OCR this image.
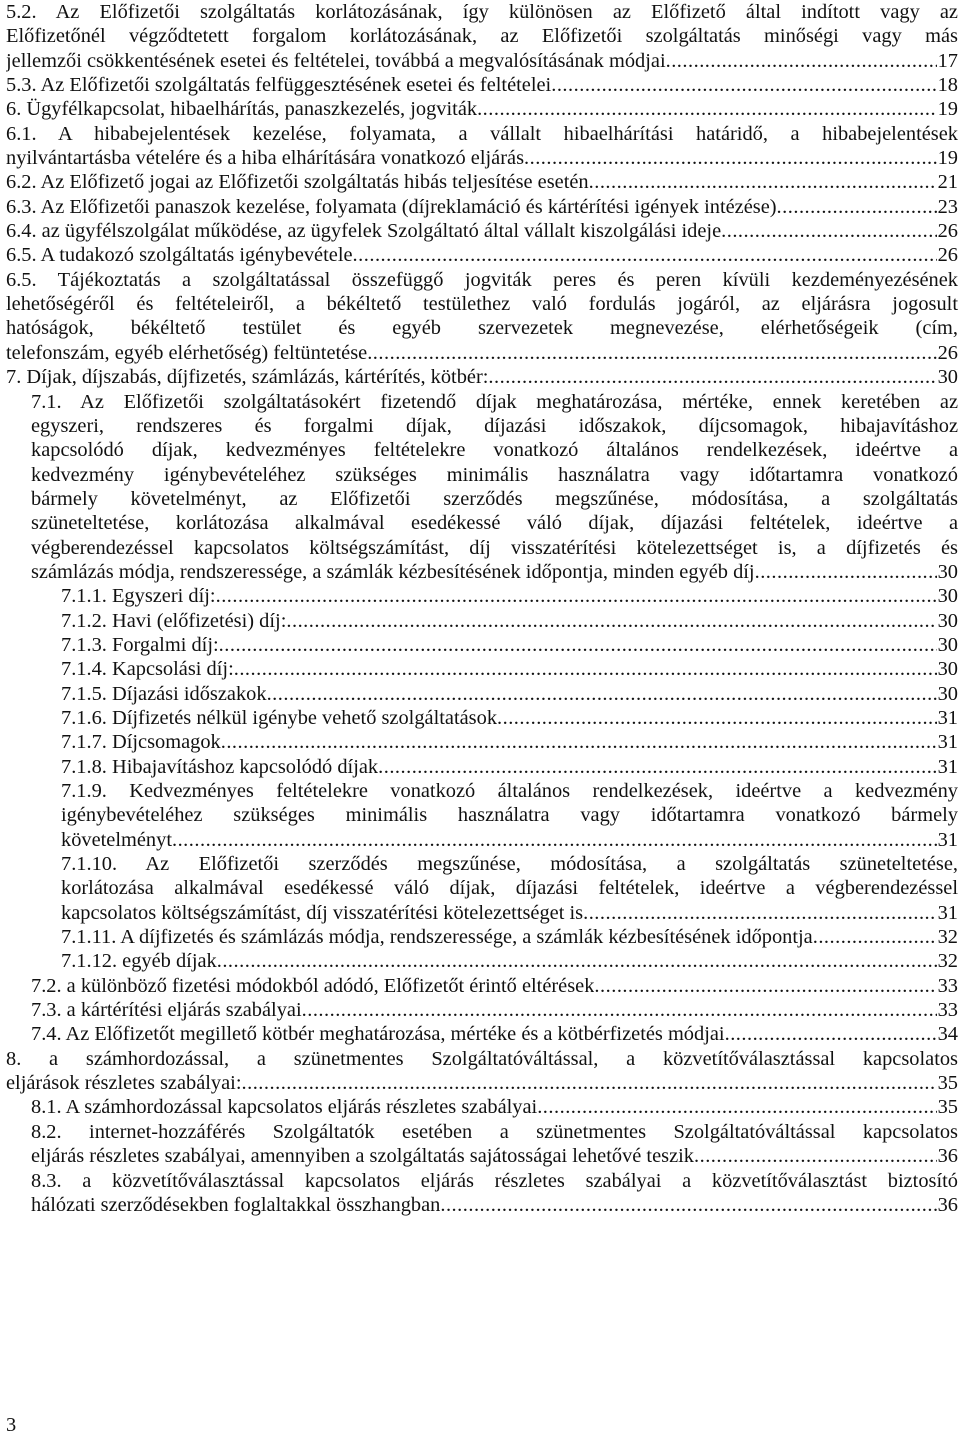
5.2. Az Előfizetői szolgáltatás korlátozásának, így különösen az Előfizető által indított vagy az
Előfizetőnél végződtetett forgalom korlátozásának, az Előfizetői szolgáltatás minőségi vagy más
jellemzői csökkentésének esetei és feltételei, továbbá a megvalósításának módjai .....	17
5.3. Az Előfizetői szolgáltatás felfüggesztésének esetei és feltételei .....	18
6. Ügyfélkapcsolat, hibaelhárítás, panaszkezelés, jogviták .....	19
6.1. A hibabejelentések kezelése, folyamata, a vállalt hibaelhárítási határidő, a hibabejelentések
nyilvántartásba vételére és a hiba elhárítására vonatkozó eljárás .....	19
6.2. Az Előfizető jogai az Előfizetői szolgáltatás hibás teljesítése esetén .....	21
6.3. Az Előfizetői panaszok kezelése, folyamata (díjreklamáció és kártérítési igények intézése) .....	23
6.4. az ügyfélszolgálat működése, az ügyfelek Szolgáltató által vállalt kiszolgálási ideje .....	26
6.5. A tudakozó szolgáltatás igénybevétele .....	26
6.5. Tájékoztatás a szolgáltatással összefüggő jogviták peres és peren kívüli kezdeményezésének
lehetőségéről és feltételeiről, a békéltető testülethez való fordulás jogáról, az eljárásra jogosult
hatóságok, békéltető testület és egyéb szervezetek megnevezése, elérhetőségeik (cím,
telefonszám, egyéb elérhetőség) feltüntetése .....	26
7. Díjak, díjszabás, díjfizetés, számlázás, kártérítés, kötbér: .....	30
7.1. Az Előfizetői szolgáltatásokért fizetendő díjak meghatározása, mértéke, ennek keretében az
egyszeri, rendszeres és forgalmi díjak, díjazási időszakok, díjcsomagok, hibajavításhoz
kapcsolódó díjak, kedvezményes feltételekre vonatkozó általános rendelkezések, ideértve a
kedvezmény igénybevételéhez szükséges minimális használatra vagy időtartamra vonatkozó
bármely követelményt, az Előfizetői szerződés megszűnése, módosítása, a szolgáltatás
szüneteltetése, korlátozása alkalmával esedékessé váló díjak, díjazási feltételek, ideértve a
végberendezéssel kapcsolatos költségszámítást, díj visszatérítési kötelezettséget is, a díjfizetés és
számlázás módja, rendszeressége, a számlák kézbesítésének időpontja, minden egyéb díj .....	30
7.1.1. Egyszeri díj: .....	30
7.1.2. Havi (előfizetési) díj: .....	30
7.1.3. Forgalmi díj: .....	30
7.1.4. Kapcsolási díj: .....	30
7.1.5. Díjazási időszakok .....	30
7.1.6. Díjfizetés nélkül igénybe vehető szolgáltatások .....	31
7.1.7. Díjcsomagok .....	31
7.1.8. Hibajavításhoz kapcsolódó díjak .....	31
7.1.9. Kedvezményes feltételekre vonatkozó általános rendelkezések, ideértve a kedvezmény
igénybevételéhez szükséges minimális használatra vagy időtartamra vonatkozó bármely
követelményt .....	31
7.1.10. Az Előfizetői szerződés megszűnése, módosítása, a szolgáltatás szüneteltetése,
korlátozása alkalmával esedékessé váló díjak, díjazási feltételek, ideértve a végberendezéssel
kapcsolatos költségszámítást, díj visszatérítési kötelezettséget is .....	31
7.1.11. A díjfizetés és számlázás módja, rendszeressége, a számlák kézbesítésének időpontja .....	32
7.1.12. egyéb díjak .....	32
7.2. a különböző fizetési módokból adódó, Előfizetőt érintő eltérések .....	33
7.3. a kártérítési eljárás szabályai .....	33
7.4. Az Előfizetőt megillető kötbér meghatározása, mértéke és a kötbérfizetés módjai .....	34
8. a számhordozással, a szünetmentes Szolgáltatóváltással, a közvetítőválasztással kapcsolatos
eljárások részletes szabályai: .....	35
8.1. A számhordozással kapcsolatos eljárás részletes szabályai .....	35
8.2. internet-hozzáférés Szolgáltatók esetében a szünetmentes Szolgáltatóváltással kapcsolatos
eljárás részletes szabályai, amennyiben a szolgáltatás sajátosságai lehetővé teszik .....	36
8.3. a közvetítőválasztással kapcsolatos eljárás részletes szabályai a közvetítőválasztást biztosító
hálózati szerződésekben foglaltakkal összhangban .....	36
3
